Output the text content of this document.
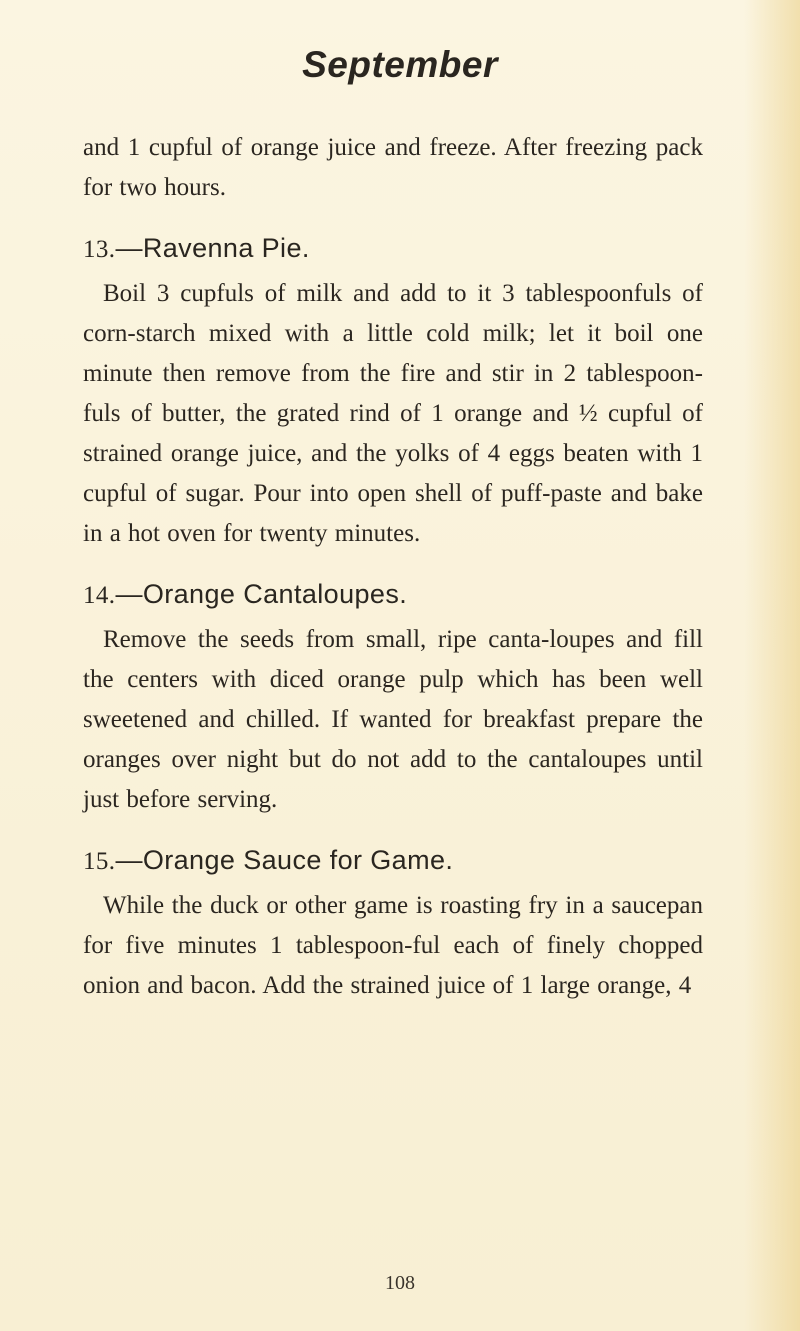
September

and 1 cupful of orange juice and freeze. After freezing pack for two hours.

13.—Ravenna Pie.

Boil 3 cupfuls of milk and add to it 3 tablespoonfuls of corn-starch mixed with a little cold milk; let it boil one minute then remove from the fire and stir in 2 tablespoon-fuls of butter, the grated rind of 1 orange and ½ cupful of strained orange juice, and the yolks of 4 eggs beaten with 1 cupful of sugar. Pour into open shell of puff-paste and bake in a hot oven for twenty minutes.

14.—Orange Cantaloupes.

Remove the seeds from small, ripe canta-loupes and fill the centers with diced orange pulp which has been well sweetened and chilled. If wanted for breakfast prepare the oranges over night but do not add to the cantaloupes until just before serving.

15.—Orange Sauce for Game.

While the duck or other game is roasting fry in a saucepan for five minutes 1 tablespoon-ful each of finely chopped onion and bacon. Add the strained juice of 1 large orange, 4

108
